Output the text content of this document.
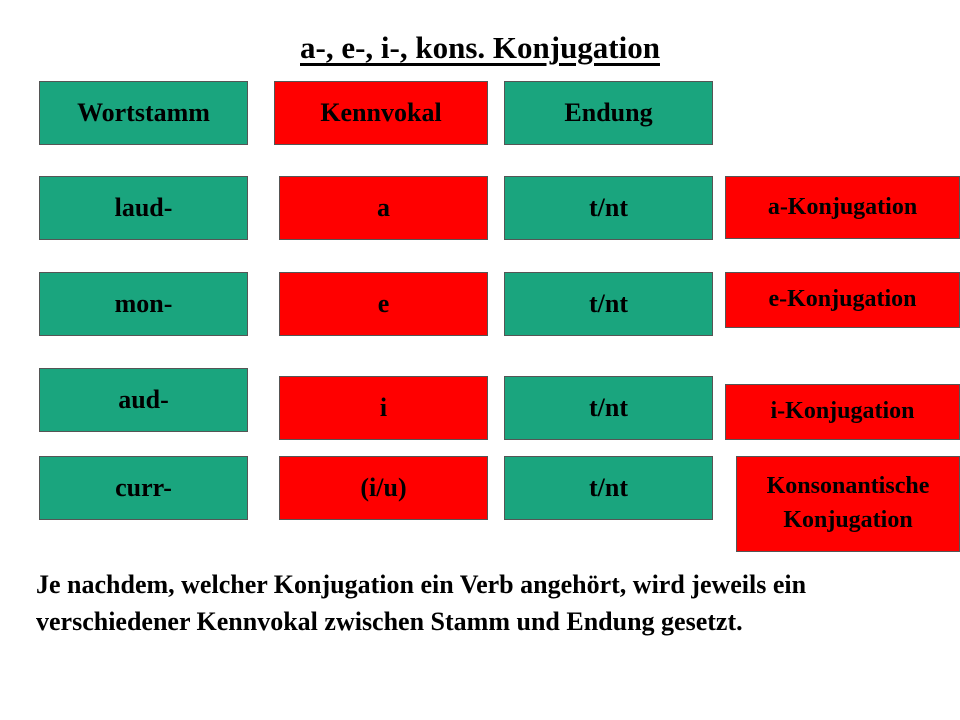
a-, e-, i-, kons. Konjugation
Wortstamm	Kennvokal	Endung
laud-	a	t/nt	a-Konjugation
mon-	e	t/nt	e-Konjugation
aud-	i	t/nt	i-Konjugation
curr-	(i/u)	t/nt	Konsonantische
Konjugation
Je nachdem, welcher Konjugation ein Verb angehört, wird jeweils ein verschiedener Kennvokal zwischen Stamm und Endung gesetzt.
